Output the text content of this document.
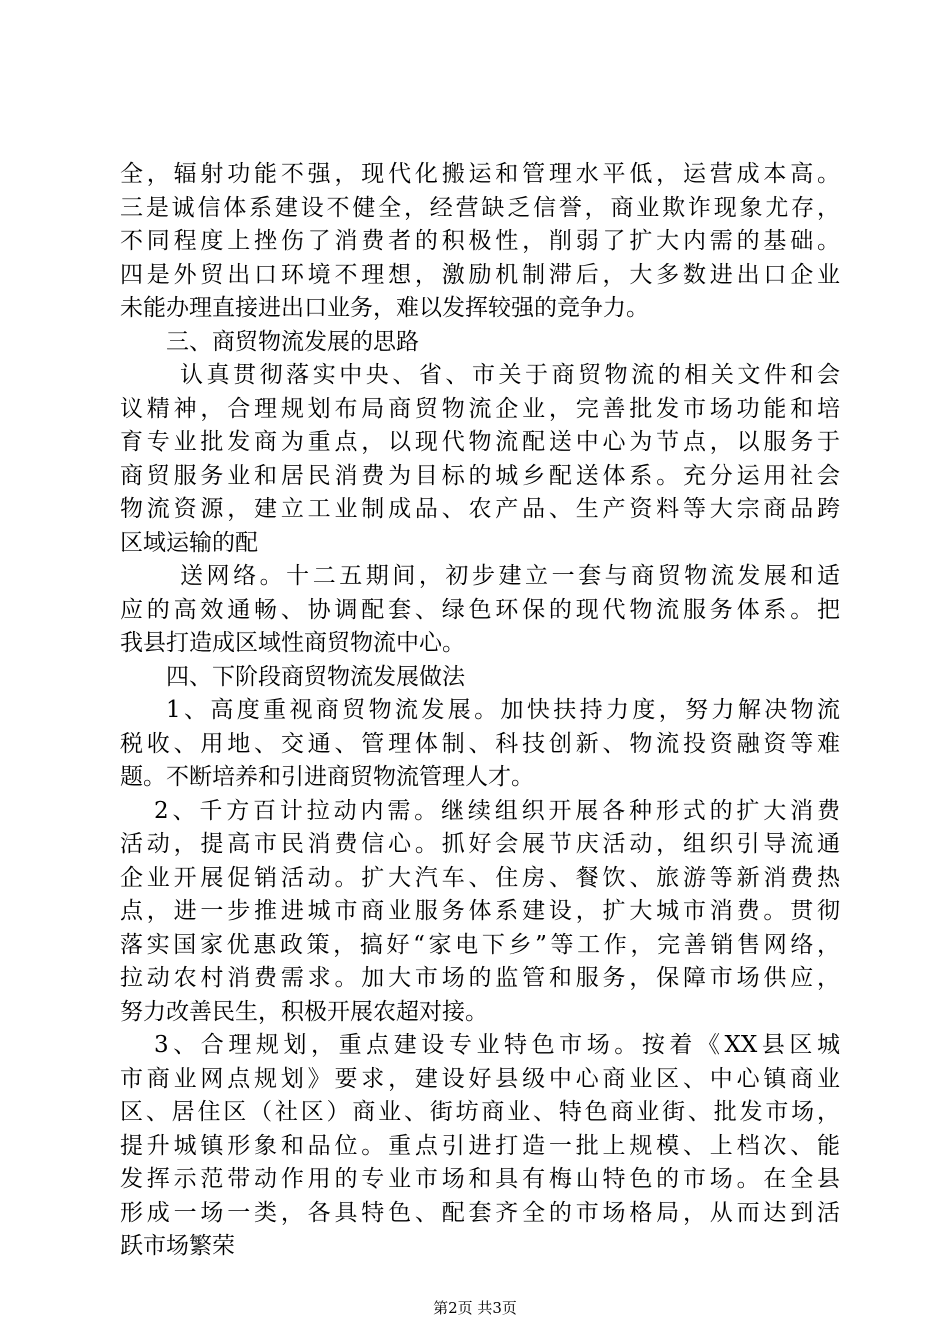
全，辐射功能不强，现代化搬运和管理水平低，运营成本高。
三是诚信体系建设不健全，经营缺乏信誉，商业欺诈现象尤存，
不同程度上挫伤了消费者的积极性，削弱了扩大内需的基础。
四是外贸出口环境不理想，激励机制滞后，大多数进出口企业
未能办理直接进出口业务，难以发挥较强的竞争力。
三、商贸物流发展的思路
认真贯彻落实中央、省、市关于商贸物流的相关文件和会
议精神，合理规划布局商贸物流企业，完善批发市场功能和培
育专业批发商为重点，以现代物流配送中心为节点，以服务于
商贸服务业和居民消费为目标的城乡配送体系。充分运用社会
物流资源，建立工业制成品、农产品、生产资料等大宗商品跨
区域运输的配
送网络。十二五期间，初步建立一套与商贸物流发展和适
应的高效通畅、协调配套、绿色环保的现代物流服务体系。把
我县打造成区域性商贸物流中心。
四、下阶段商贸物流发展做法
1、高度重视商贸物流发展。加快扶持力度，努力解决物流
税收、用地、交通、管理体制、科技创新、物流投资融资等难
题。不断培养和引进商贸物流管理人才。
2、千方百计拉动内需。继续组织开展各种形式的扩大消费
活动，提高市民消费信心。抓好会展节庆活动，组织引导流通
企业开展促销活动。扩大汽车、住房、餐饮、旅游等新消费热
点，进一步推进城市商业服务体系建设，扩大城市消费。贯彻
落实国家优惠政策，搞好“家电下乡”等工作，完善销售网络，
拉动农村消费需求。加大市场的监管和服务，保障市场供应，
努力改善民生，积极开展农超对接。
3、合理规划，重点建设专业特色市场。按着《XX县区城
市商业网点规划》要求，建设好县级中心商业区、中心镇商业
区、居住区（社区）商业、街坊商业、特色商业街、批发市场，
提升城镇形象和品位。重点引进打造一批上规模、上档次、能
发挥示范带动作用的专业市场和具有梅山特色的市场。在全县
形成一场一类，各具特色、配套齐全的市场格局，从而达到活
跃市场繁荣
第2页 共3页
